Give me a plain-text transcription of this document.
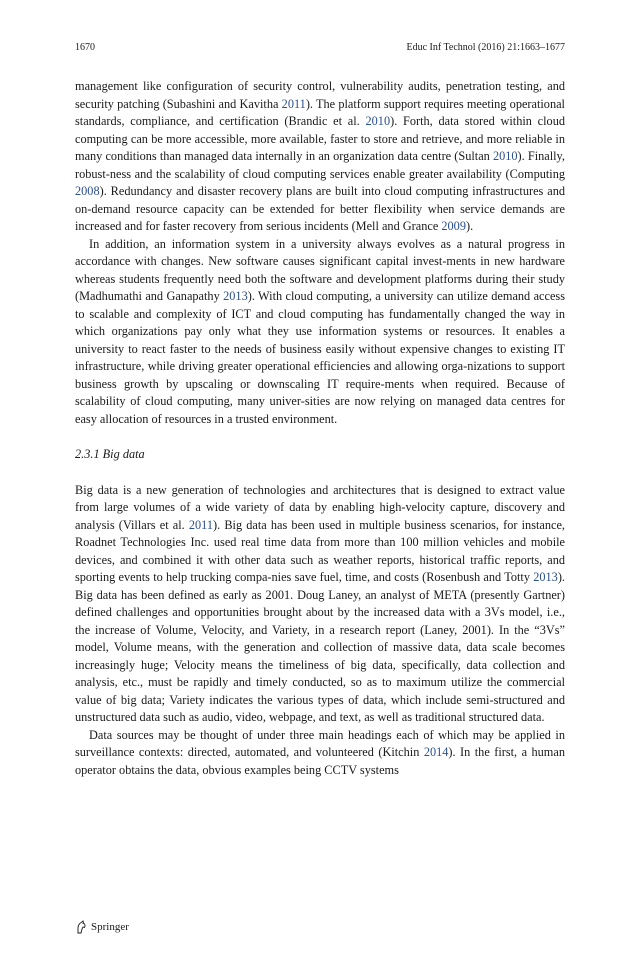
1670	Educ Inf Technol (2016) 21:1663–1677

management like configuration of security control, vulnerability audits, penetration testing, and security patching (Subashini and Kavitha 2011). The platform support requires meeting operational standards, compliance, and certification (Brandic et al. 2010). Forth, data stored within cloud computing can be more accessible, more available, faster to store and retrieve, and more reliable in many conditions than managed data internally in an organization data centre (Sultan 2010). Finally, robust-ness and the scalability of cloud computing services enable greater availability (Computing 2008). Redundancy and disaster recovery plans are built into cloud computing infrastructures and on-demand resource capacity can be extended for better flexibility when service demands are increased and for faster recovery from serious incidents (Mell and Grance 2009).

In addition, an information system in a university always evolves as a natural progress in accordance with changes. New software causes significant capital invest-ments in new hardware whereas students frequently need both the software and development platforms during their study (Madhumathi and Ganapathy 2013). With cloud computing, a university can utilize demand access to scalable and complexity of ICT and cloud computing has fundamentally changed the way in which organizations pay only what they use information systems or resources. It enables a university to react faster to the needs of business easily without expensive changes to existing IT infrastructure, while driving greater operational efficiencies and allowing orga-nizations to support business growth by upscaling or downscaling IT require-ments when required. Because of scalability of cloud computing, many univer-sities are now relying on managed data centres for easy allocation of resources in a trusted environment.

2.3.1 Big data

Big data is a new generation of technologies and architectures that is designed to extract value from large volumes of a wide variety of data by enabling high-velocity capture, discovery and analysis (Villars et al. 2011). Big data has been used in multiple business scenarios, for instance, Roadnet Technologies Inc. used real time data from more than 100 million vehicles and mobile devices, and combined it with other data such as weather reports, historical traffic reports, and sporting events to help trucking compa-nies save fuel, time, and costs (Rosenbush and Totty 2013). Big data has been defined as early as 2001. Doug Laney, an analyst of META (presently Gartner) defined challenges and opportunities brought about by the increased data with a 3Vs model, i.e., the increase of Volume, Velocity, and Variety, in a research report (Laney, 2001). In the “3Vs” model, Volume means, with the generation and collection of massive data, data scale becomes increasingly huge; Velocity means the timeliness of big data, specifically, data collection and analysis, etc., must be rapidly and timely conducted, so as to maximum utilize the commercial value of big data; Variety indicates the various types of data, which include semi-structured and unstructured data such as audio, video, webpage, and text, as well as traditional structured data.

Data sources may be thought of under three main headings each of which may be applied in surveillance contexts: directed, automated, and volunteered (Kitchin 2014). In the first, a human operator obtains the data, obvious examples being CCTV systems

Springer
